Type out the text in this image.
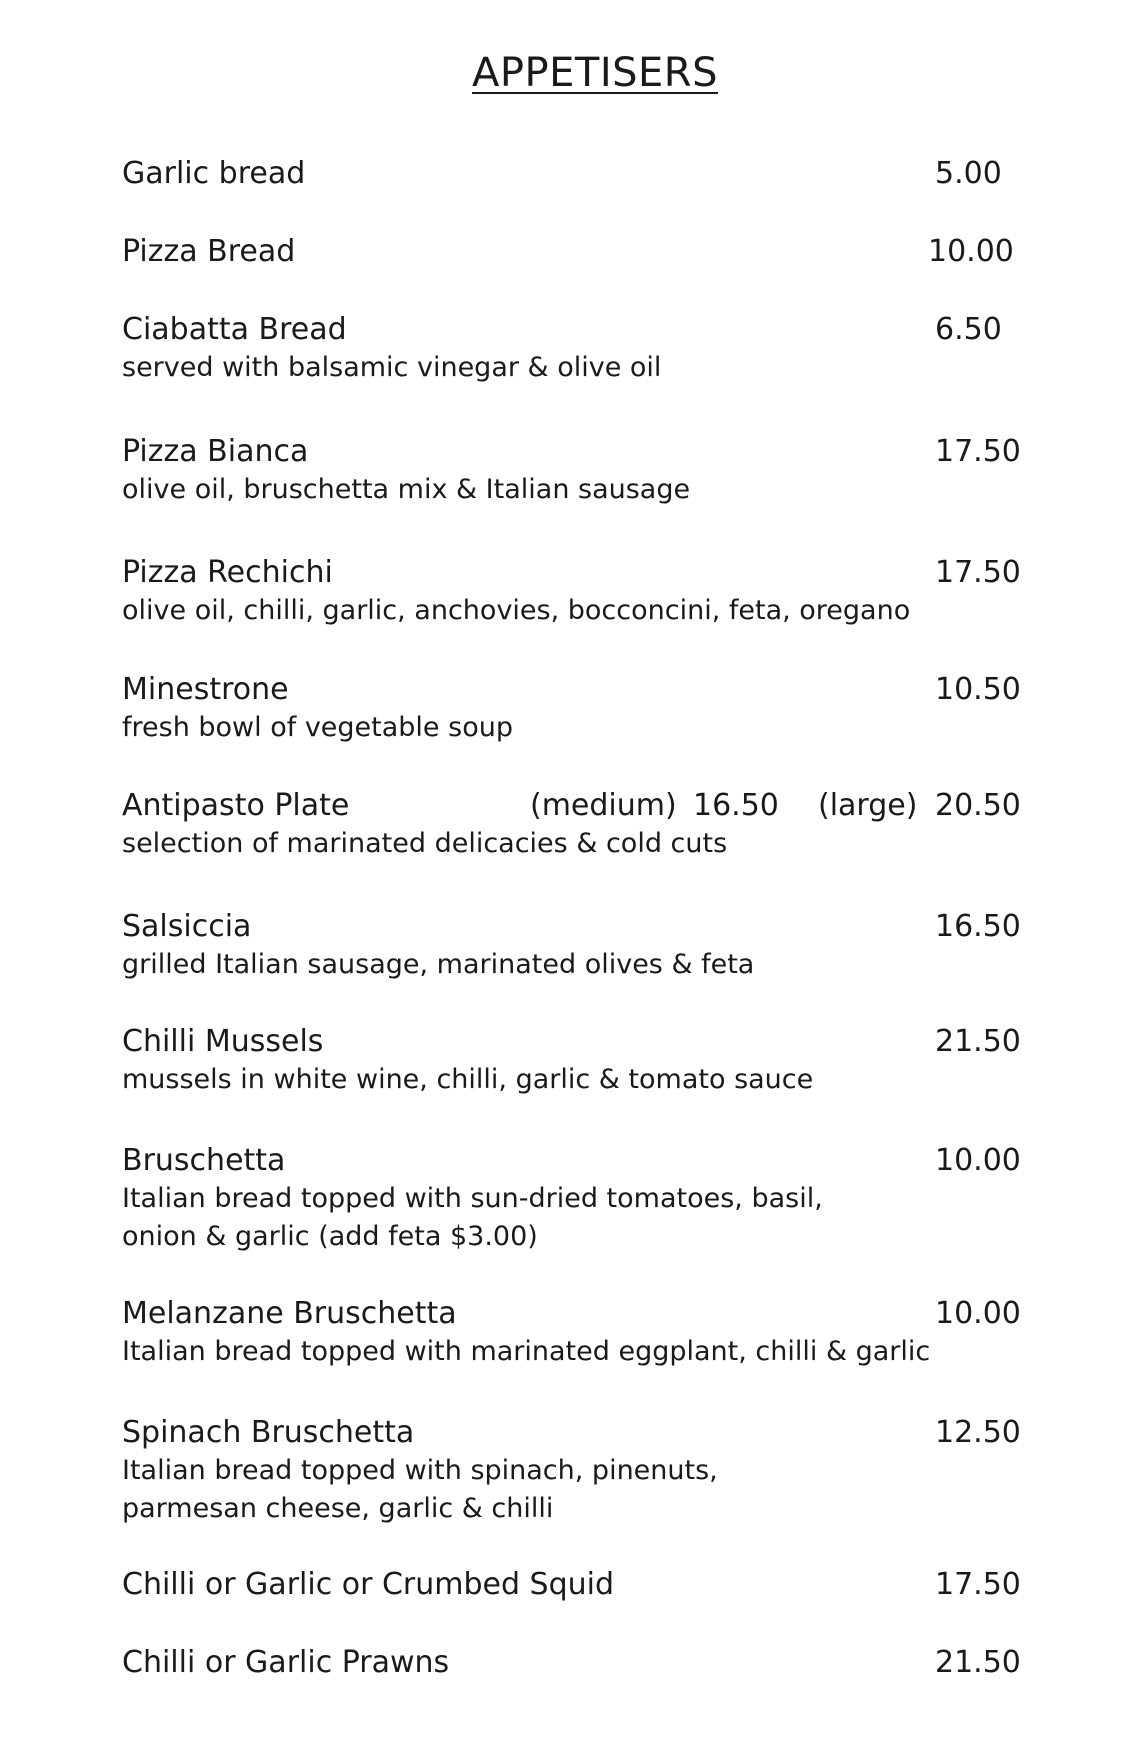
APPETISERS
Garlic bread	5.00
Pizza Bread	10.00
Ciabatta Bread	6.50
served with balsamic vinegar & olive oil
Pizza Bianca	17.50
olive oil, bruschetta mix & Italian sausage
Pizza Rechichi	17.50
olive oil, chilli, garlic, anchovies, bocconcini, feta, oregano
Minestrone	10.50
fresh bowl of vegetable soup
Antipasto Plate	(medium) 16.50 (large) 20.50
selection of marinated delicacies & cold cuts
Salsiccia	16.50
grilled Italian sausage, marinated olives & feta
Chilli Mussels	21.50
mussels in white wine, chilli, garlic & tomato sauce
Bruschetta	10.00
Italian bread topped with sun-dried tomatoes, basil,
onion & garlic (add feta $3.00)
Melanzane Bruschetta	10.00
Italian bread topped with marinated eggplant, chilli & garlic
Spinach Bruschetta	12.50
Italian bread topped with spinach, pinenuts,
parmesan cheese, garlic & chilli
Chilli or Garlic or Crumbed Squid	17.50
Chilli or Garlic Prawns	21.50
